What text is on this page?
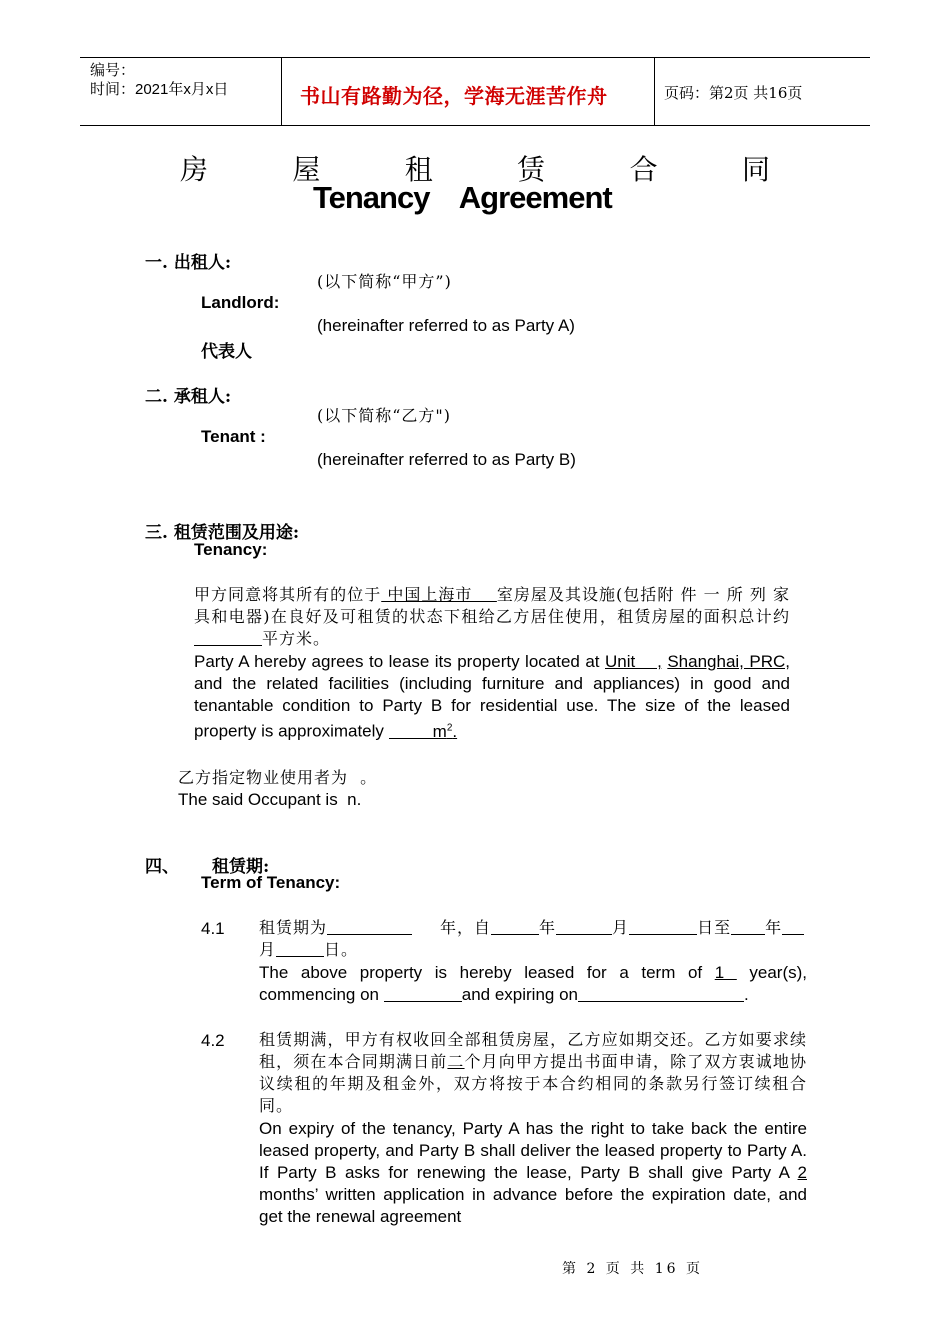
编号：
时间：2021年x月x日	书山有路勤为径，学海无涯苦作舟	页码：第2页 共16页
房	屋	租	赁	合	同
Tenancy    Agreement
一. 出租人:
(以下简称“甲方”)
Landlord:
(hereinafter referred to as Party A)
代表人
二. 承租人:
(以下简称“乙方")
Tenant :
(hereinafter referred to as Party B)
三. 租赁范围及用途:
Tenancy:
甲方同意将其所有的位于 中国上海市    室房屋及其设施(包括附 件 一 所 列 家具和电器)在良好及可租赁的状态下租给乙方居住使用，租赁房屋的面积总计约平方米。
Party A hereby agrees to lease its property located at Unit    , Shanghai, PRC, and the related facilities (including furniture and appliances) in good and tenantable condition to Party B for residential use. The size of the leased property is approximately	$m^2$.
乙方指定物业使用者为  。
The said Occupant is  n.
四、 租赁期:
Term of Tenancy:
4.1 租赁期为	年，自	年	月	日至 年月	日。
The above property is hereby leased for a term of 1  year(s), commencing on	and expiring on	.
4.2 租赁期满，甲方有权收回全部租赁房屋，乙方应如期交还。乙方如要求续租，须在本合同期满日前二个月向甲方提出书面申请，除了双方衷诚地协议续租的年期及租金外，双方将按于本合约相同的条款另行签订续租合同。
On expiry of the tenancy, Party A has the right to take back the entire leased property, and Party B shall deliver the leased property to Party A. If Party B asks for renewing the lease, Party B shall give Party A 2 months’ written application in advance before the expiration date, and get the renewal agreement
第 2 页 共 16 页
